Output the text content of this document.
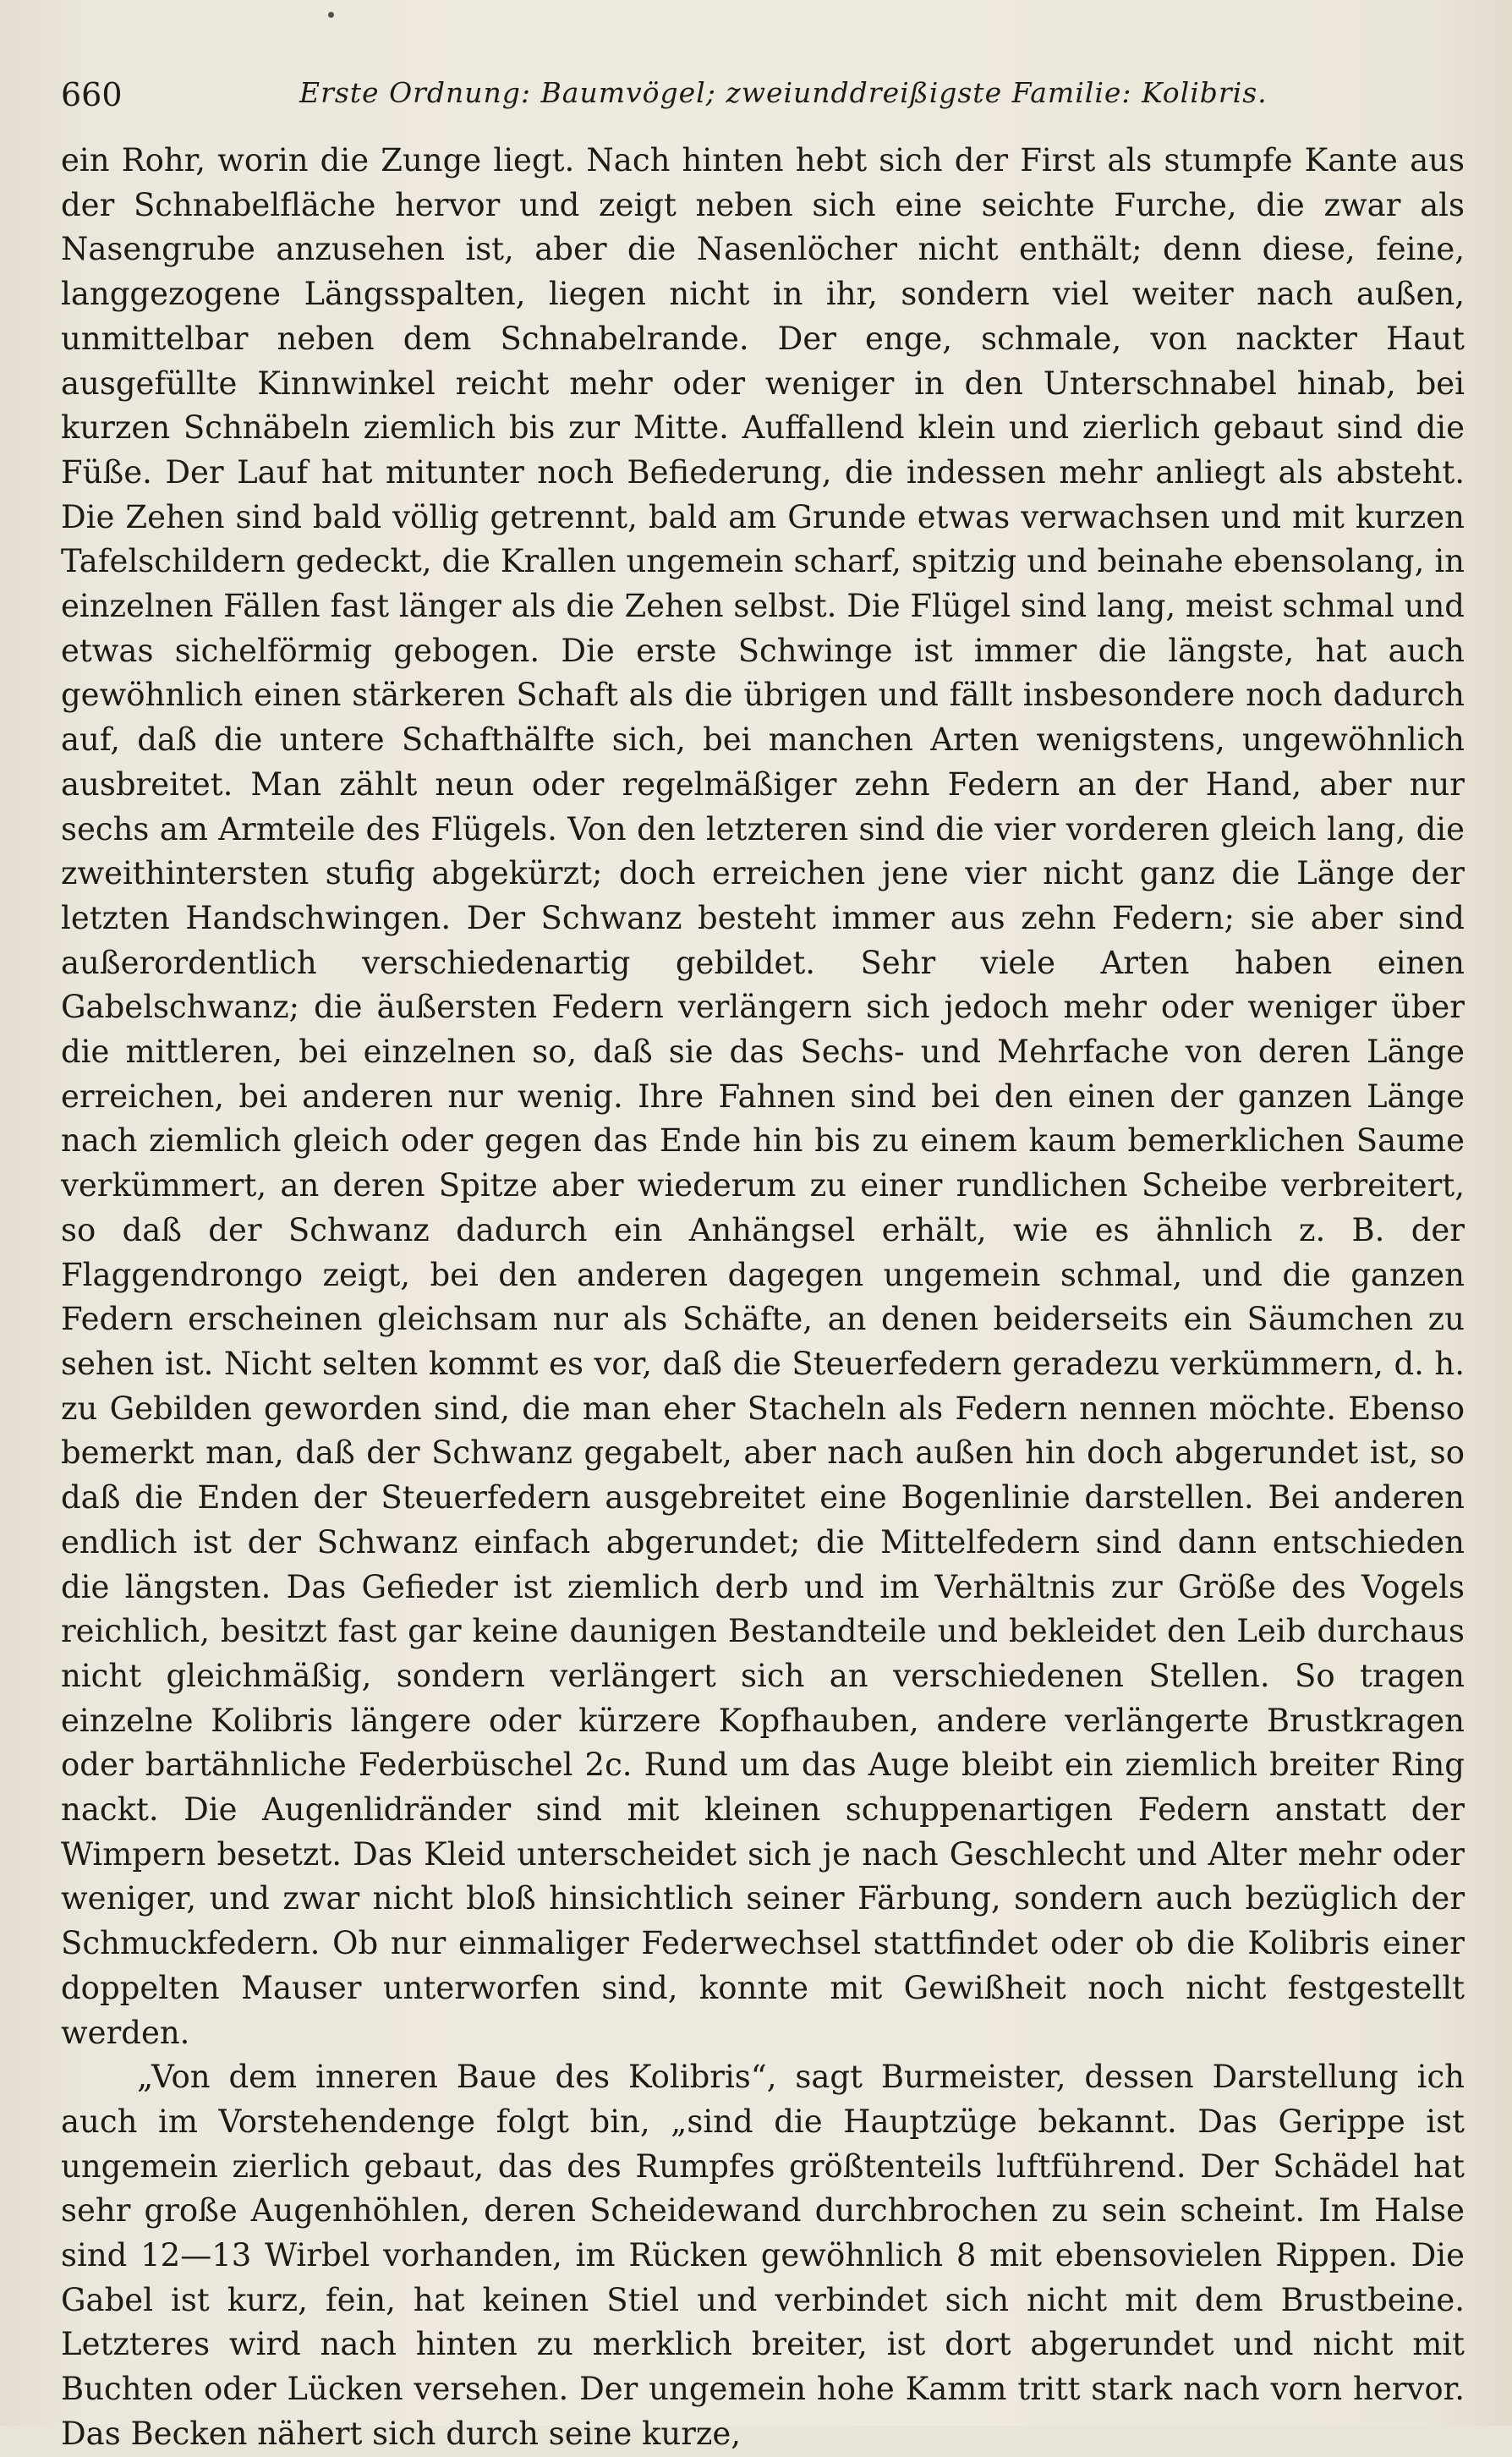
660	Erste Ordnung: Baumvögel; zweiunddreißigste Familie: Kolibris.

ein Rohr, worin die Zunge liegt. Nach hinten hebt sich der First als stumpfe Kante aus der Schnabelfläche hervor und zeigt neben sich eine seichte Furche, die zwar als Nasengrube anzusehen ist, aber die Nasenlöcher nicht enthält; denn diese, feine, langgezogene Längsspalten, liegen nicht in ihr, sondern viel weiter nach außen, unmittelbar neben dem Schnabelrande. Der enge, schmale, von nackter Haut ausgefüllte Kinnwinkel reicht mehr oder weniger in den Unterschnabel hinab, bei kurzen Schnäbeln ziemlich bis zur Mitte. Auffallend klein und zierlich gebaut sind die Füße. Der Lauf hat mitunter noch Befiederung, die indessen mehr anliegt als absteht. Die Zehen sind bald völlig getrennt, bald am Grunde etwas verwachsen und mit kurzen Tafelschildern gedeckt, die Krallen ungemein scharf, spitzig und beinahe ebensolang, in einzelnen Fällen fast länger als die Zehen selbst. Die Flügel sind lang, meist schmal und etwas sichelförmig gebogen. Die erste Schwinge ist immer die längste, hat auch gewöhnlich einen stärkeren Schaft als die übrigen und fällt insbesondere noch dadurch auf, daß die untere Schafthälfte sich, bei manchen Arten wenigstens, ungewöhnlich ausbreitet. Man zählt neun oder regelmäßiger zehn Federn an der Hand, aber nur sechs am Armteile des Flügels. Von den letzteren sind die vier vorderen gleich lang, die zweithintersten stufig abgekürzt; doch erreichen jene vier nicht ganz die Länge der letzten Handschwingen. Der Schwanz besteht immer aus zehn Federn; sie aber sind außerordentlich verschiedenartig gebildet. Sehr viele Arten haben einen Gabelschwanz; die äußersten Federn verlängern sich jedoch mehr oder weniger über die mittleren, bei einzelnen so, daß sie das Sechs- und Mehrfache von deren Länge erreichen, bei anderen nur wenig. Ihre Fahnen sind bei den einen der ganzen Länge nach ziemlich gleich oder gegen das Ende hin bis zu einem kaum bemerklichen Saume verkümmert, an deren Spitze aber wiederum zu einer rundlichen Scheibe verbreitert, so daß der Schwanz dadurch ein Anhängsel erhält, wie es ähnlich z. B. der Flaggendrongo zeigt, bei den anderen dagegen ungemein schmal, und die ganzen Federn erscheinen gleichsam nur als Schäfte, an denen beiderseits ein Säumchen zu sehen ist. Nicht selten kommt es vor, daß die Steuerfedern geradezu verkümmern, d. h. zu Gebilden geworden sind, die man eher Stacheln als Federn nennen möchte. Ebenso bemerkt man, daß der Schwanz gegabelt, aber nach außen hin doch abgerundet ist, so daß die Enden der Steuerfedern ausgebreitet eine Bogenlinie darstellen. Bei anderen endlich ist der Schwanz einfach abgerundet; die Mittelfedern sind dann entschieden die längsten. Das Gefieder ist ziemlich derb und im Verhältnis zur Größe des Vogels reichlich, besitzt fast gar keine daunigen Bestandteile und bekleidet den Leib durchaus nicht gleichmäßig, sondern verlängert sich an verschiedenen Stellen. So tragen einzelne Kolibris längere oder kürzere Kopfhauben, andere verlängerte Brustkragen oder bartähnliche Federbüschel 2c. Rund um das Auge bleibt ein ziemlich breiter Ring nackt. Die Augenlidränder sind mit kleinen schuppenartigen Federn anstatt der Wimpern besetzt. Das Kleid unterscheidet sich je nach Geschlecht und Alter mehr oder weniger, und zwar nicht bloß hinsichtlich seiner Färbung, sondern auch bezüglich der Schmuckfedern. Ob nur einmaliger Federwechsel stattfindet oder ob die Kolibris einer doppelten Mauser unterworfen sind, konnte mit Gewißheit noch nicht festgestellt werden.

„Von dem inneren Baue des Kolibris“, sagt Burmeister, dessen Darstellung ich auch im Vorstehendenge folgt bin, „sind die Hauptzüge bekannt. Das Gerippe ist ungemein zierlich gebaut, das des Rumpfes größtenteils luftführend. Der Schädel hat sehr große Augenhöhlen, deren Scheidewand durchbrochen zu sein scheint. Im Halse sind 12—13 Wirbel vorhanden, im Rücken gewöhnlich 8 mit ebensovielen Rippen. Die Gabel ist kurz, fein, hat keinen Stiel und verbindet sich nicht mit dem Brustbeine. Letzteres wird nach hinten zu merklich breiter, ist dort abgerundet und nicht mit Buchten oder Lücken versehen. Der ungemein hohe Kamm tritt stark nach vorn hervor. Das Becken nähert sich durch seine kurze,
